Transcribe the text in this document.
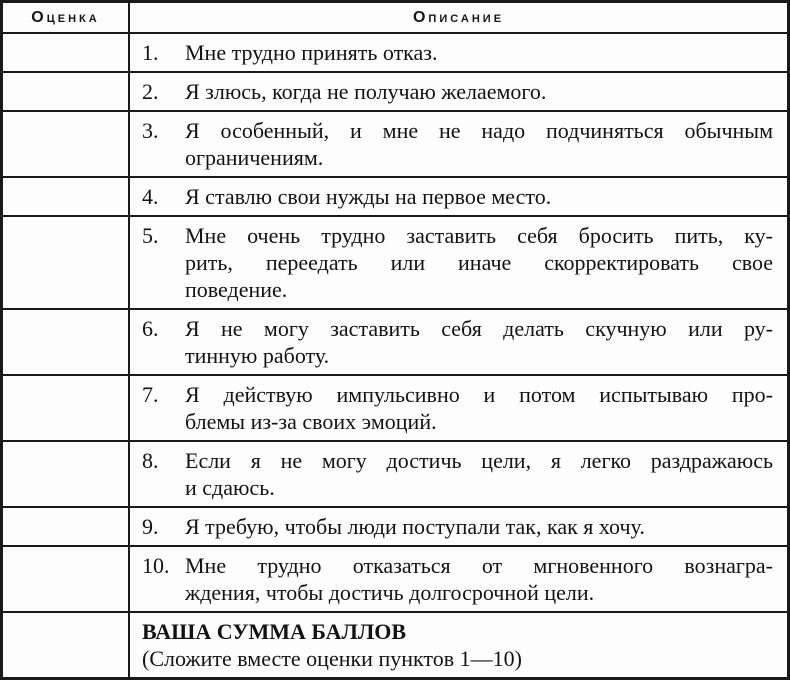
Оценка	Описание

	1. Мне трудно принять отказ.

	2. Я злюсь, когда не получаю желаемого.

	3. Я особенный, и мне не надо подчиняться обычным
ограничениям.

	4. Я ставлю свои нужды на первое место.

	5. Мне очень трудно заставить себя бросить пить, ку-
рить, переедать или иначе скорректировать свое
поведение.

	6. Я не могу заставить себя делать скучную или ру-
тинную работу.

	7. Я действую импульсивно и потом испытываю про-
блемы из-за своих эмоций.

	8. Если я не могу достичь цели, я легко раздражаюсь
и сдаюсь.

	9. Я требую, чтобы люди поступали так, как я хочу.

	10. Мне трудно отказаться от мгновенного вознагра-
ждения, чтобы достичь долгосрочной цели.

	ВАША СУММА БАЛЛОВ
(Сложите вместе оценки пунктов 1—10)
